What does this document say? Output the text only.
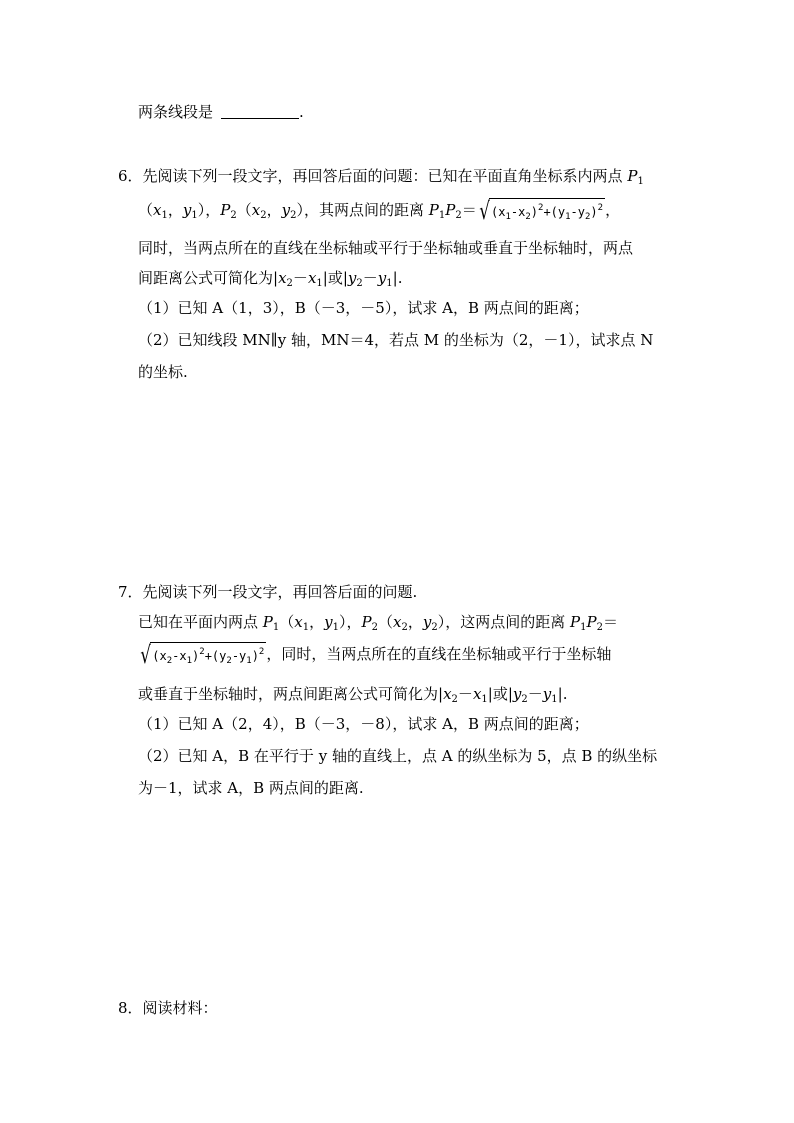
两条线段是	.
6．先阅读下列一段文字，再回答后面的问题：已知在平面直角坐标系内两点 $P_1$
（$x_1$，$y_1$），$P_2(x_2$，$y_2$），其两点间的距离 $P_1P_2=$ √ $(x_1-x_2)^2+(y_1-y_2)^2$ ，
同时，当两点所在的直线在坐标轴或平行于坐标轴或垂直于坐标轴时，两点
间距离公式可简化为$|x_2-x_1|$或$|y_2-y_1|$.
（1）已知 A（1，3），B（－3，－5），试求 A，B 两点间的距离；
（2）已知线段 MN∥y 轴，MN＝4，若点 M 的坐标为（2，－1），试求点 N
的坐标.
7．先阅读下列一段文字，再回答后面的问题.
已知在平面内两点 $P_1(x_1$，$y_1$），$P_2(x_2$，$y_2$），这两点间的距离 $P_1P_2=$
√ $(x_2-x_1)^2+(y_2-y_1)^2$ ，同时，当两点所在的直线在坐标轴或平行于坐标轴
或垂直于坐标轴时，两点间距离公式可简化为$|x_2-x_1|$或$|y_2-y_1|$.
（1）已知 A（2，4），B（－3，－8），试求 A，B 两点间的距离；
（2）已知 A，B 在平行于 y 轴的直线上，点 A 的纵坐标为 5，点 B 的纵坐标
为－1，试求 A，B 两点间的距离.
8．阅读材料：
